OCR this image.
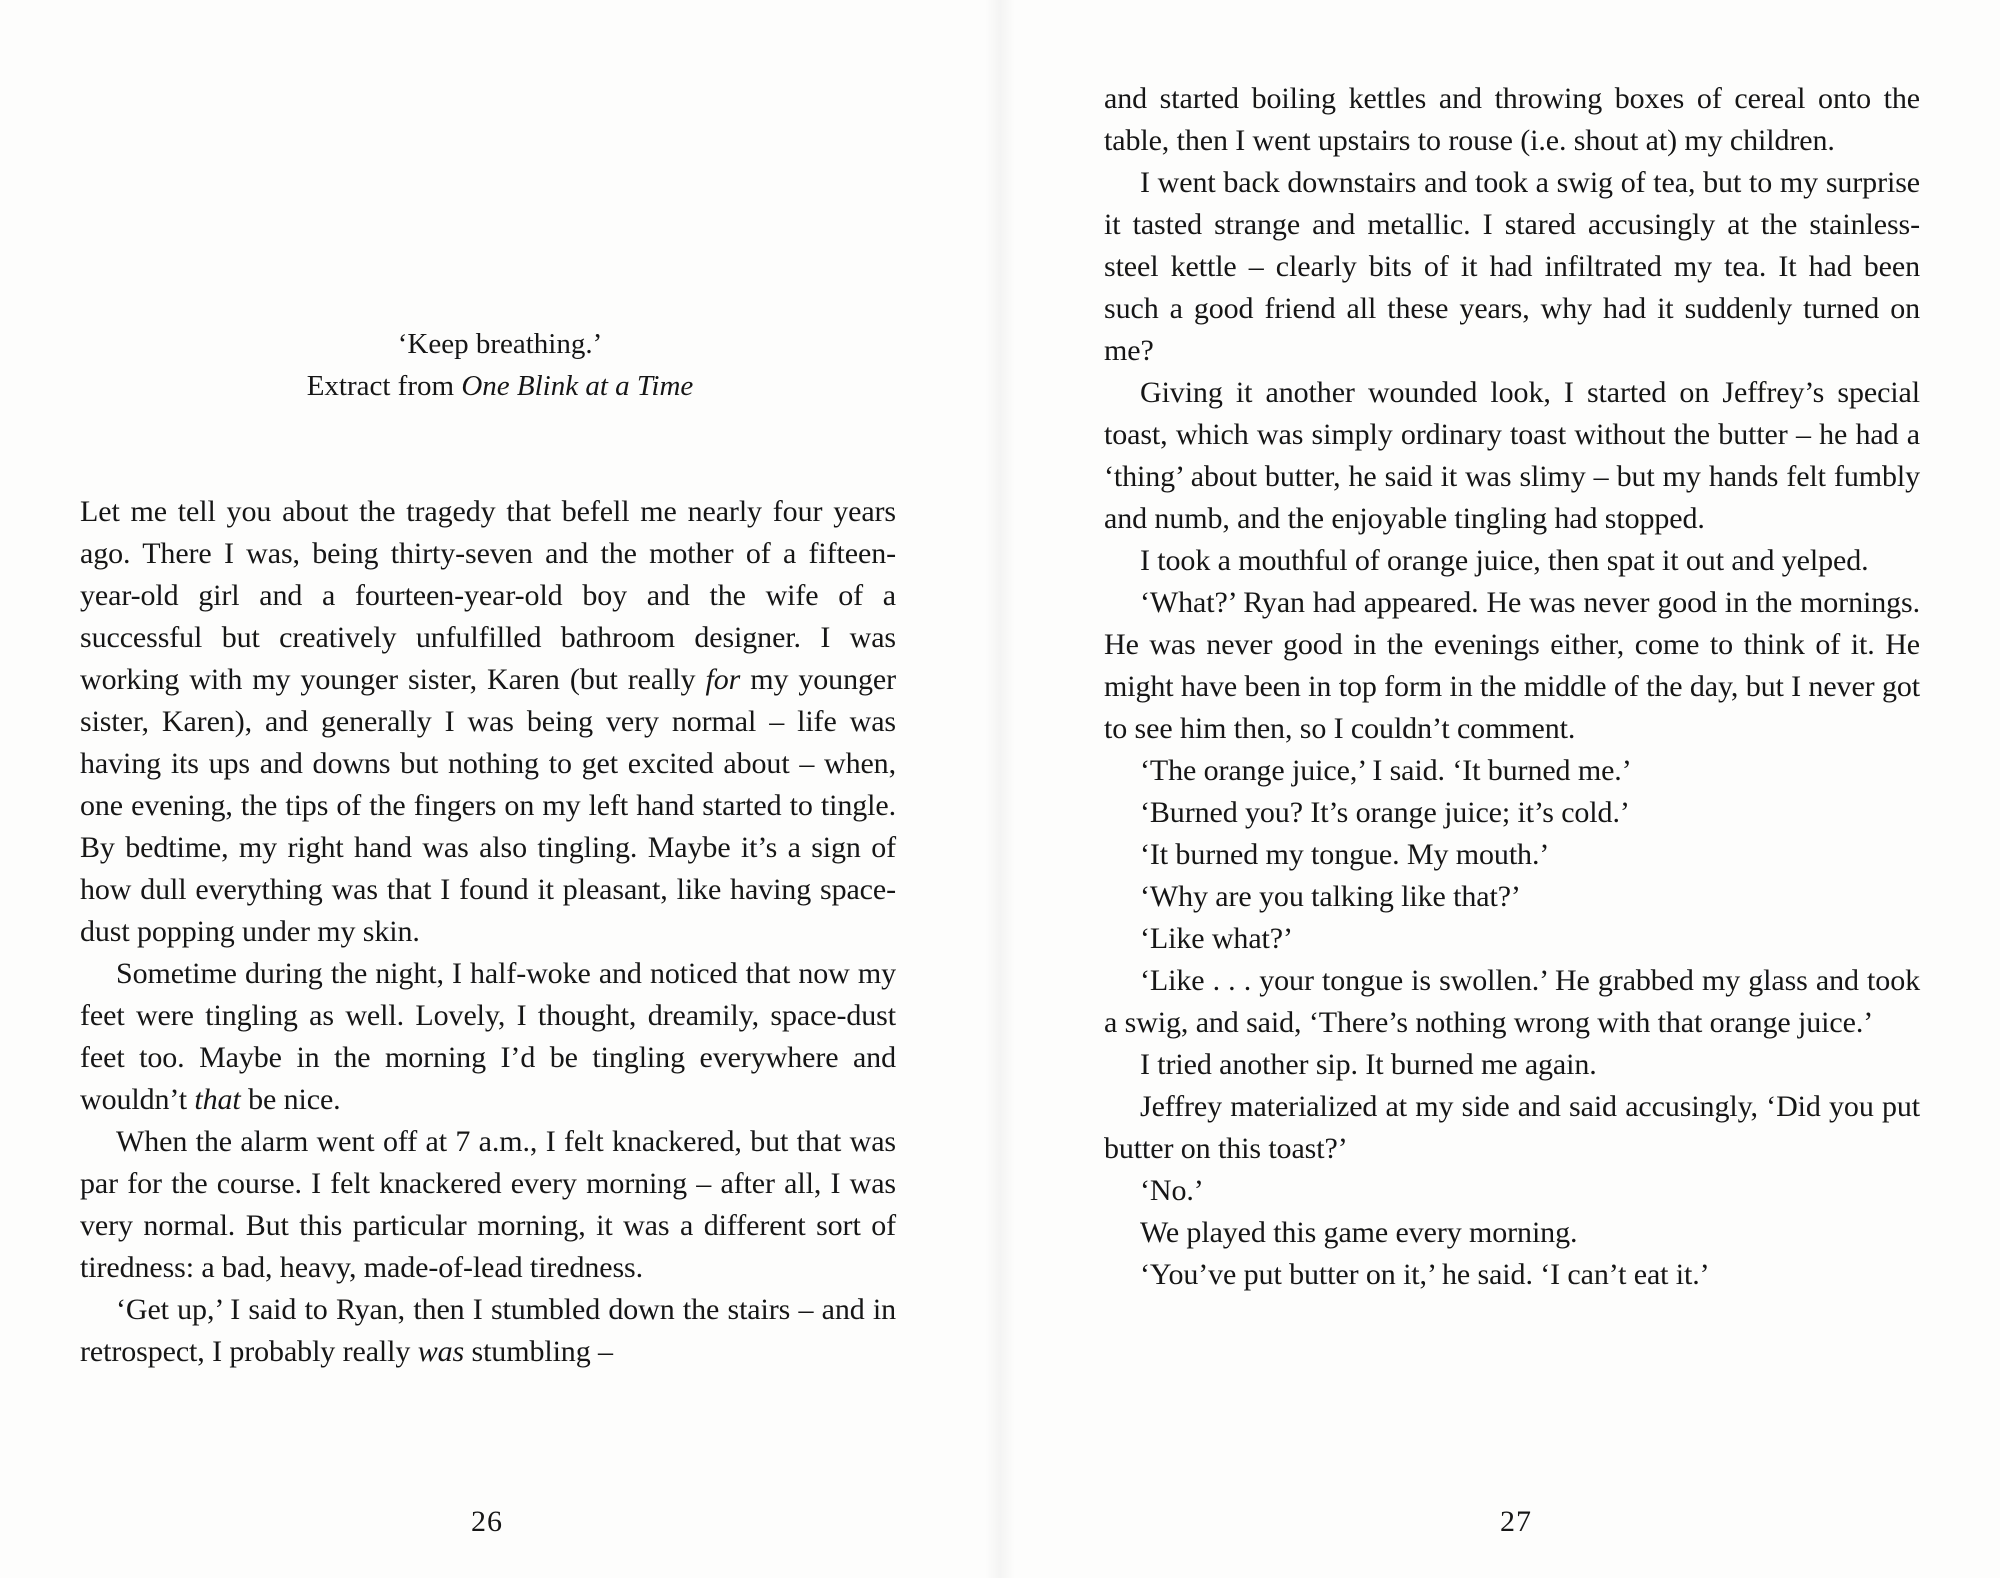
‘Keep breathing.’
Extract from One Blink at a Time

Let me tell you about the tragedy that befell me nearly four years ago. There I was, being thirty-seven and the mother of a fifteen-year-old girl and a fourteen-year-old boy and the wife of a successful but creatively unfulfilled bathroom designer. I was working with my younger sister, Karen (but really for my younger sister, Karen), and generally I was being very normal – life was having its ups and downs but nothing to get excited about – when, one evening, the tips of the fingers on my left hand started to tingle. By bedtime, my right hand was also tingling. Maybe it’s a sign of how dull everything was that I found it pleasant, like having space-dust popping under my skin.

Sometime during the night, I half-woke and noticed that now my feet were tingling as well. Lovely, I thought, dreamily, space-dust feet too. Maybe in the morning I’d be tingling everywhere and wouldn’t that be nice.

When the alarm went off at 7 a.m., I felt knackered, but that was par for the course. I felt knackered every morning – after all, I was very normal. But this particular morning, it was a different sort of tiredness: a bad, heavy, made-of-lead tiredness.

‘Get up,’ I said to Ryan, then I stumbled down the stairs – and in retrospect, I probably really was stumbling –

26

and started boiling kettles and throwing boxes of cereal onto the table, then I went upstairs to rouse (i.e. shout at) my children.

I went back downstairs and took a swig of tea, but to my surprise it tasted strange and metallic. I stared accusingly at the stainless-steel kettle – clearly bits of it had infiltrated my tea. It had been such a good friend all these years, why had it suddenly turned on me?

Giving it another wounded look, I started on Jeffrey’s special toast, which was simply ordinary toast without the butter – he had a ‘thing’ about butter, he said it was slimy – but my hands felt fumbly and numb, and the enjoyable tingling had stopped.

I took a mouthful of orange juice, then spat it out and yelped.

‘What?’ Ryan had appeared. He was never good in the mornings. He was never good in the evenings either, come to think of it. He might have been in top form in the middle of the day, but I never got to see him then, so I couldn’t comment.

‘The orange juice,’ I said. ‘It burned me.’

‘Burned you? It’s orange juice; it’s cold.’

‘It burned my tongue. My mouth.’

‘Why are you talking like that?’

‘Like what?’

‘Like . . . your tongue is swollen.’ He grabbed my glass and took a swig, and said, ‘There’s nothing wrong with that orange juice.’

I tried another sip. It burned me again.

Jeffrey materialized at my side and said accusingly, ‘Did you put butter on this toast?’

‘No.’

We played this game every morning.

‘You’ve put butter on it,’ he said. ‘I can’t eat it.’

27
